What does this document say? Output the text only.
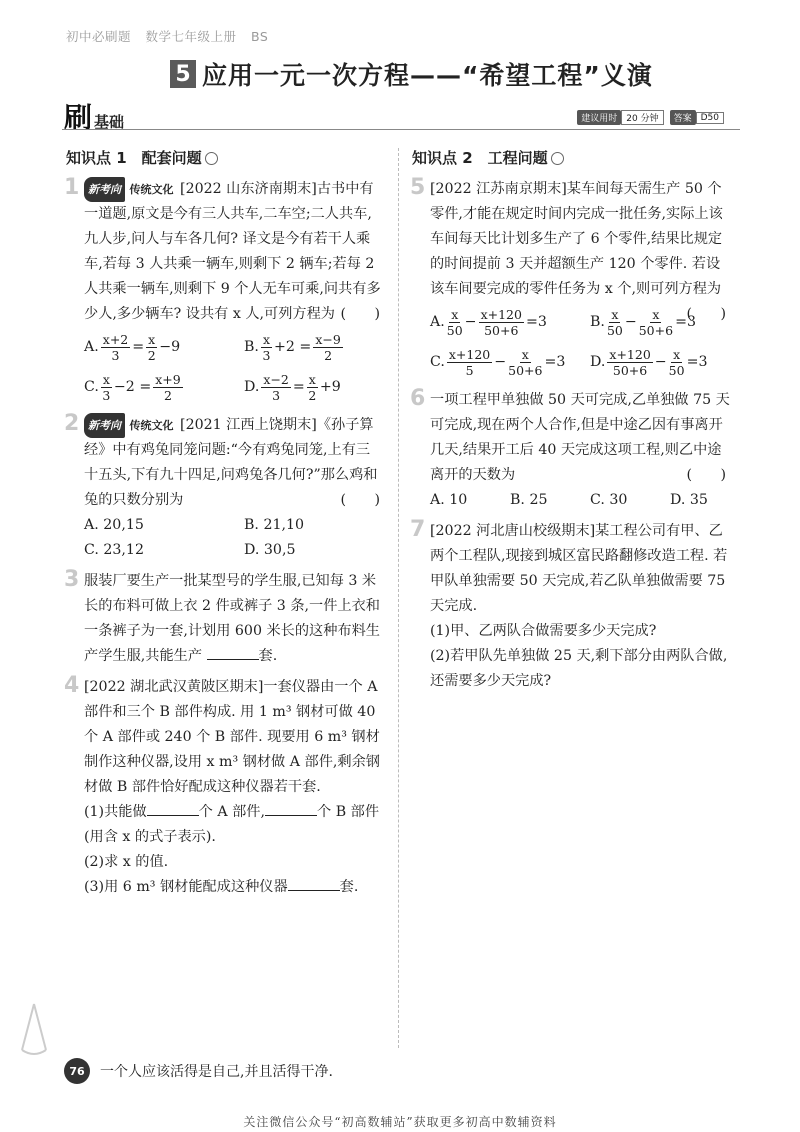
初中必刷题 数学七年级上册 BS
5 应用一元一次方程——“希望工程”义演
刷 基础	建议用时	20 分钟	答案	D50
知识点 1　配套问题
1 新考向 传统文化 [2022 山东济南期末]古书中有一道题,原文是今有三人共车,二车空;二人共车,九人步,问人与车各几何? 译文是今有若干人乘车,若每 3 人共乘一辆车,则剩下 2 辆车;若每 2 人共乘一辆车,则剩下 9 个人无车可乘,问共有多少人,多少辆车? 设共有 x 人,可列方程为 (　　)
A. $\frac{x+2}{3} = \frac{x}{2} -9$	B. $\frac{x}{3} +2 = \frac{x-9}{2}$
C. $\frac{x}{3} -2 = \frac{x+9}{2}$	D. $\frac{x-2}{3} = \frac{x}{2} +9$
2 新考向 传统文化 [2021 江西上饶期末]《孙子算经》中有鸡兔同笼问题:“今有鸡兔同笼,上有三十五头,下有九十四足,问鸡兔各几何?”那么鸡和兔的只数分别为	(　　)
A. 20,15	B. 21,10
C. 23,12	D. 30,5
3 服装厂要生产一批某型号的学生服,已知每 3 米长的布料可做上衣 2 件或裤子 3 条,一件上衣和一条裤子为一套,计划用 600 米长的这种布料生产学生服,共能生产	套.
4 [2022 湖北武汉黄陂区期末]一套仪器由一个 A 部件和三个 B 部件构成. 用 1 m³ 钢材可做 40 个 A 部件或 240 个 B 部件. 现要用 6 m³ 钢材制作这种仪器,设用 x m³ 钢材做 A 部件,剩余钢材做 B 部件恰好配成这种仪器若干套.
(1)共能做	个 A 部件,	个 B 部件(用含 x 的式子表示).
(2)求 x 的值.
(3)用 6 m³ 钢材能配成这种仪器	套.
知识点 2　工程问题
5 [2022 江苏南京期末]某车间每天需生产 50 个零件,才能在规定时间内完成一批任务,实际上该车间每天比计划多生产了 6 个零件,结果比规定的时间提前 3 天并超额生产 120 个零件. 若设该车间要完成的零件任务为 x 个,则可列方程为
(　　)
A. $\frac{x}{50} - \frac{x+120}{50+6} =3$	B. $\frac{x}{50} - \frac{x}{50+6} =3$
C. $\frac{x+120}{5} - \frac{x}{50+6} =3$ D. $\frac{x+120}{50+6} - \frac{x}{50} =3$
6 一项工程甲单独做 50 天可完成,乙单独做 75 天可完成,现在两个人合作,但是中途乙因有事离开几天,结果开工后 40 天完成这项工程,则乙中途离开的天数为	(　　)
A. 10	B. 25	C. 30	D. 35
7 [2022 河北唐山校级期末]某工程公司有甲、乙两个工程队,现接到城区富民路翻修改造工程. 若甲队单独需要 50 天完成,若乙队单独做需要 75 天完成.
(1)甲、乙两队合做需要多少天完成?
(2)若甲队先单独做 25 天,剩下部分由两队合做,还需要多少天完成?
76	一个人应该活得是自己,并且活得干净.
关注微信公众号“初高数辅站”获取更多初高中数辅资料
